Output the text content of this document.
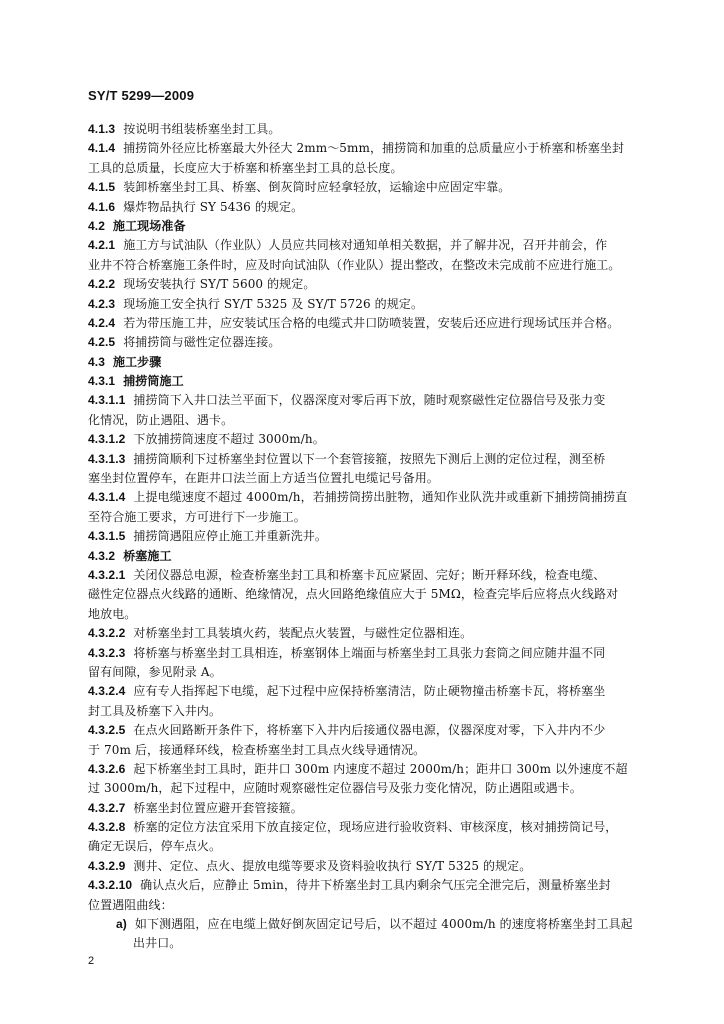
SY/T 5299—2009
4.1.3 按说明书组装桥塞坐封工具。
4.1.4 捕捞筒外径应比桥塞最大外径大 2mm～5mm，捕捞筒和加重的总质量应小于桥塞和桥塞坐封
工具的总质量，长度应大于桥塞和桥塞坐封工具的总长度。
4.1.5 装卸桥塞坐封工具、桥塞、倒灰筒时应轻拿轻放，运输途中应固定牢靠。
4.1.6 爆炸物品执行 SY 5436 的规定。
4.2 施工现场准备
4.2.1 施工方与试油队（作业队）人员应共同核对通知单相关数据，并了解井况，召开井前会，作
业井不符合桥塞施工条件时，应及时向试油队（作业队）提出整改，在整改未完成前不应进行施工。
4.2.2 现场安装执行 SY/T 5600 的规定。
4.2.3 现场施工安全执行 SY/T 5325 及 SY/T 5726 的规定。
4.2.4 若为带压施工井，应安装试压合格的电缆式井口防喷装置，安装后还应进行现场试压并合格。
4.2.5 将捕捞筒与磁性定位器连接。
4.3 施工步骤
4.3.1 捕捞筒施工
4.3.1.1 捕捞筒下入井口法兰平面下，仪器深度对零后再下放，随时观察磁性定位器信号及张力变
化情况，防止遇阻、遇卡。
4.3.1.2 下放捕捞筒速度不超过 3000m/h。
4.3.1.3 捕捞筒顺利下过桥塞坐封位置以下一个套管接箍，按照先下测后上测的定位过程，测至桥
塞坐封位置停车，在距井口法兰面上方适当位置扎电缆记号备用。
4.3.1.4 上提电缆速度不超过 4000m/h，若捕捞筒捞出脏物，通知作业队洗井或重新下捕捞筒捕捞直
至符合施工要求，方可进行下一步施工。
4.3.1.5 捕捞筒遇阻应停止施工并重新洗井。
4.3.2 桥塞施工
4.3.2.1 关闭仪器总电源，检查桥塞坐封工具和桥塞卡瓦应紧固、完好；断开释环线，检查电缆、
磁性定位器点火线路的通断、绝缘情况，点火回路绝缘值应大于 5MΩ，检查完毕后应将点火线路对
地放电。
4.3.2.2 对桥塞坐封工具装填火药，装配点火装置，与磁性定位器相连。
4.3.2.3 将桥塞与桥塞坐封工具相连，桥塞钢体上端面与桥塞坐封工具张力套筒之间应随井温不同
留有间隙，参见附录 A。
4.3.2.4 应有专人指挥起下电缆，起下过程中应保持桥塞清洁，防止硬物撞击桥塞卡瓦，将桥塞坐
封工具及桥塞下入井内。
4.3.2.5 在点火回路断开条件下，将桥塞下入井内后接通仪器电源，仪器深度对零，下入井内不少
于 70m 后，接通释环线，检查桥塞坐封工具点火线导通情况。
4.3.2.6 起下桥塞坐封工具时，距井口 300m 内速度不超过 2000m/h；距井口 300m 以外速度不超
过 3000m/h，起下过程中，应随时观察磁性定位器信号及张力变化情况，防止遇阻或遇卡。
4.3.2.7 桥塞坐封位置应避开套管接箍。
4.3.2.8 桥塞的定位方法宜采用下放直接定位，现场应进行验收资料、审核深度，核对捕捞筒记号，
确定无误后，停车点火。
4.3.2.9 测井、定位、点火、提放电缆等要求及资料验收执行 SY/T 5325 的规定。
4.3.2.10 确认点火后，应静止 5min，待井下桥塞坐封工具内剩余气压完全泄完后，测量桥塞坐封
位置遇阻曲线：
a) 如下测遇阻，应在电缆上做好倒灰固定记号后，以不超过 4000m/h 的速度将桥塞坐封工具起
出井口。
2
